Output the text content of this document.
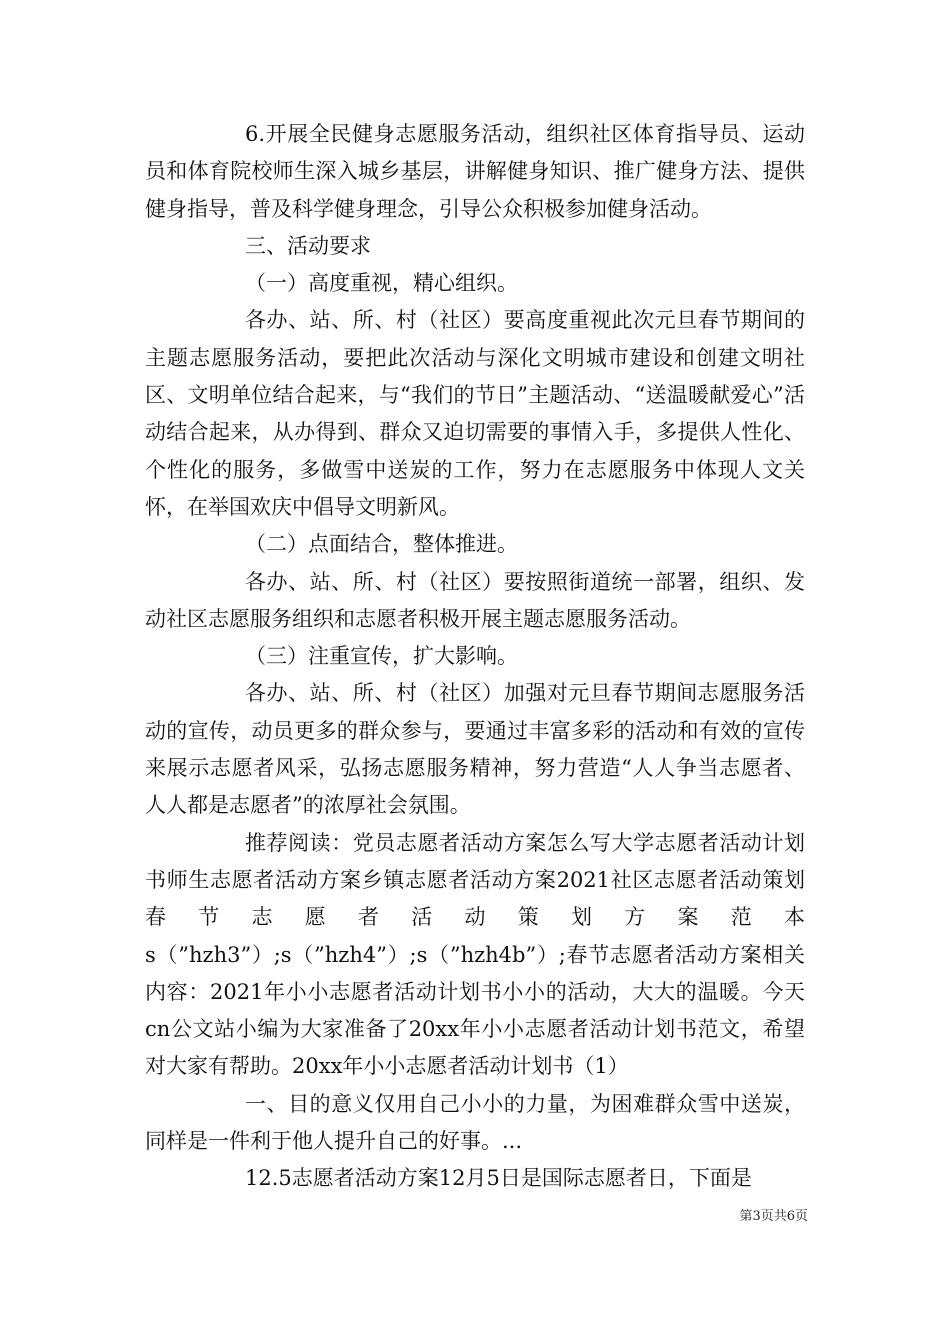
6.开展全民健身志愿服务活动，组织社区体育指导员、运动员和体育院校师生深入城乡基层，讲解健身知识、推广健身方法、提供健身指导，普及科学健身理念，引导公众积极参加健身活动。

三、活动要求

（一）高度重视，精心组织。

各办、站、所、村（社区）要高度重视此次元旦春节期间的主题志愿服务活动，要把此次活动与深化文明城市建设和创建文明社区、文明单位结合起来，与“我们的节日”主题活动、“送温暖献爱心”活动结合起来，从办得到、群众又迫切需要的事情入手，多提供人性化、个性化的服务，多做雪中送炭的工作，努力在志愿服务中体现人文关怀，在举国欢庆中倡导文明新风。

（二）点面结合，整体推进。

各办、站、所、村（社区）要按照街道统一部署，组织、发动社区志愿服务组织和志愿者积极开展主题志愿服务活动。

（三）注重宣传，扩大影响。

各办、站、所、村（社区）加强对元旦春节期间志愿服务活动的宣传，动员更多的群众参与，要通过丰富多彩的活动和有效的宣传来展示志愿者风采，弘扬志愿服务精神，努力营造“人人争当志愿者、人人都是志愿者”的浓厚社会氛围。

推荐阅读：党员志愿者活动方案怎么写大学志愿者活动计划书师生志愿者活动方案乡镇志愿者活动方案2021社区志愿者活动策划春节志愿者活动策划方案范本

s（”hzh3”）;s（”hzh4”）;s（”hzh4b”）;春节志愿者活动方案相关内容：2021年小小志愿者活动计划书小小的活动，大大的温暖。今天cn公文站小编为大家准备了20xx年小小志愿者活动计划书范文，希望对大家有帮助。20xx年小小志愿者活动计划书（1）

一、目的意义仅用自己小小的力量，为困难群众雪中送炭，同样是一件利于他人提升自己的好事。...

12.5志愿者活动方案12月5日是国际志愿者日，下面是

第3页共6页
